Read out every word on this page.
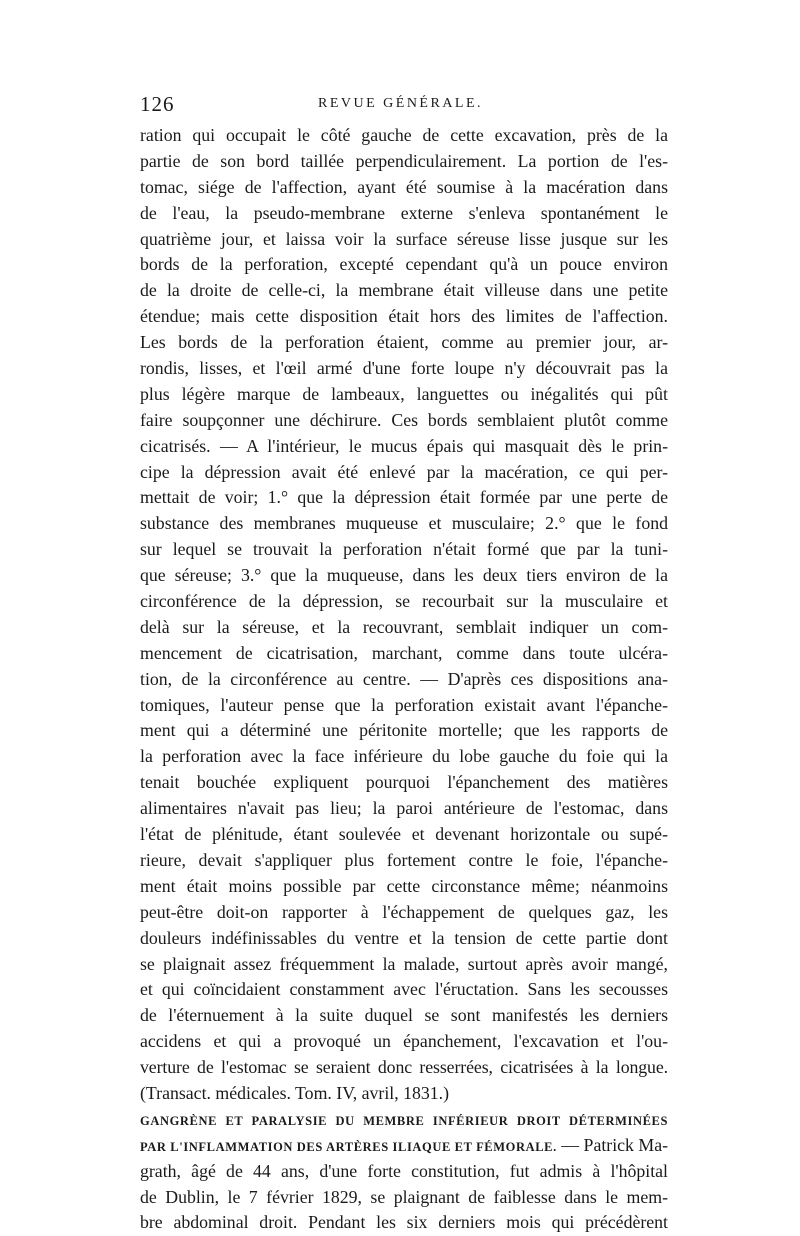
126	REVUE GÉNÉRALE.
ration qui occupait le côté gauche de cette excavation, près de la
partie de son bord taillée perpendiculairement. La portion de l'es-
tomac, siége de l'affection, ayant été soumise à la macération dans
de l'eau, la pseudo-membrane externe s'enleva spontanément le
quatrième jour, et laissa voir la surface séreuse lisse jusque sur les
bords de la perforation, excepté cependant qu'à un pouce environ
de la droite de celle-ci, la membrane était villeuse dans une petite
étendue; mais cette disposition était hors des limites de l'affection.
Les bords de la perforation étaient, comme au premier jour, ar-
rondis, lisses, et l'œil armé d'une forte loupe n'y découvrait pas la
plus légère marque de lambeaux, languettes ou inégalités qui pût
faire soupçonner une déchirure. Ces bords semblaient plutôt comme
cicatrisés. — A l'intérieur, le mucus épais qui masquait dès le prin-
cipe la dépression avait été enlevé par la macération, ce qui per-
mettait de voir; 1.° que la dépression était formée par une perte de
substance des membranes muqueuse et musculaire; 2.° que le fond
sur lequel se trouvait la perforation n'était formé que par la tuni-
que séreuse; 3.° que la muqueuse, dans les deux tiers environ de la
circonférence de la dépression, se recourbait sur la musculaire et
delà sur la séreuse, et la recouvrant, semblait indiquer un com-
mencement de cicatrisation, marchant, comme dans toute ulcéra-
tion, de la circonférence au centre. — D'après ces dispositions ana-
tomiques, l'auteur pense que la perforation existait avant l'épanche-
ment qui a déterminé une péritonite mortelle; que les rapports de
la perforation avec la face inférieure du lobe gauche du foie qui la
tenait bouchée expliquent pourquoi l'épanchement des matières
alimentaires n'avait pas lieu; la paroi antérieure de l'estomac, dans
l'état de plénitude, étant soulevée et devenant horizontale ou supé-
rieure, devait s'appliquer plus fortement contre le foie, l'épanche-
ment était moins possible par cette circonstance même; néanmoins
peut-être doit-on rapporter à l'échappement de quelques gaz, les
douleurs indéfinissables du ventre et la tension de cette partie dont
se plaignait assez fréquemment la malade, surtout après avoir mangé,
et qui coïncidaient constamment avec l'éructation. Sans les secousses
de l'éternuement à la suite duquel se sont manifestés les derniers
accidens et qui a provoqué un épanchement, l'excavation et l'ou-
verture de l'estomac se seraient donc resserrées, cicatrisées à la longue.
(Transact. médicales. Tom. IV, avril, 1831.)
GANGRÈNE ET PARALYSIE DU MEMBRE INFÉRIEUR DROIT DÉTERMINÉES
PAR L'INFLAMMATION DES ARTÈRES ILIAQUE ET FÉMORALE. — Patrick Ma-
grath, âgé de 44 ans, d'une forte constitution, fut admis à l'hôpital
de Dublin, le 7 février 1829, se plaignant de faiblesse dans le mem-
bre abdominal droit. Pendant les six derniers mois qui précédèrent
